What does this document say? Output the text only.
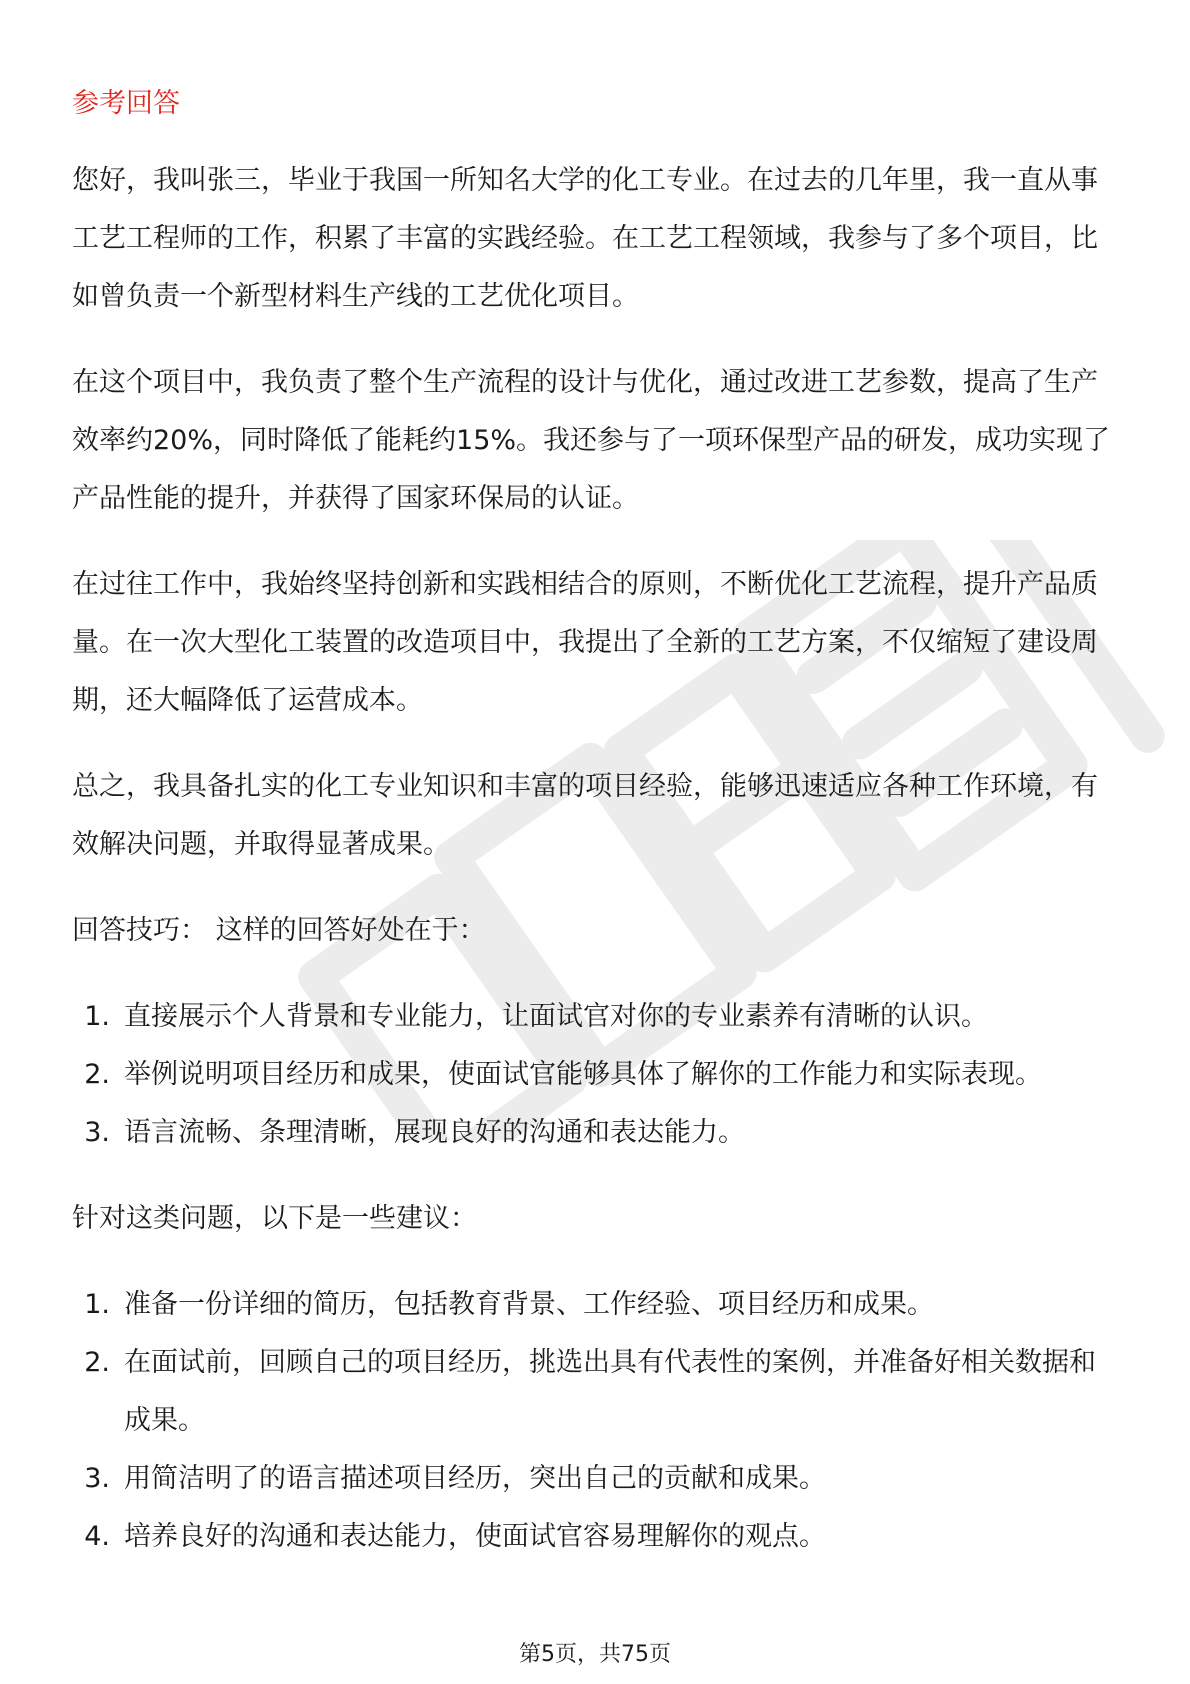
参考回答

您好，我叫张三，毕业于我国一所知名大学的化工专业。在过去的几年里，我一直从事工艺工程师的工作，积累了丰富的实践经验。在工艺工程领域，我参与了多个项目，比如曾负责一个新型材料生产线的工艺优化项目。

在这个项目中，我负责了整个生产流程的设计与优化，通过改进工艺参数，提高了生产效率约20%，同时降低了能耗约15%。我还参与了一项环保型产品的研发，成功实现了产品性能的提升，并获得了国家环保局的认证。

在过往工作中，我始终坚持创新和实践相结合的原则，不断优化工艺流程，提升产品质量。在一次大型化工装置的改造项目中，我提出了全新的工艺方案，不仅缩短了建设周期，还大幅降低了运营成本。

总之，我具备扎实的化工专业知识和丰富的项目经验，能够迅速适应各种工作环境，有效解决问题，并取得显著成果。

回答技巧： 这样的回答好处在于：

1. 直接展示个人背景和专业能力，让面试官对你的专业素养有清晰的认识。
2. 举例说明项目经历和成果，使面试官能够具体了解你的工作能力和实际表现。
3. 语言流畅、条理清晰，展现良好的沟通和表达能力。

针对这类问题，以下是一些建议：

1. 准备一份详细的简历，包括教育背景、工作经验、项目经历和成果。
2. 在面试前，回顾自己的项目经历，挑选出具有代表性的案例，并准备好相关数据和成果。
3. 用简洁明了的语言描述项目经历，突出自己的贡献和成果。
4. 培养良好的沟通和表达能力，使面试官容易理解你的观点。
第5页，共75页
